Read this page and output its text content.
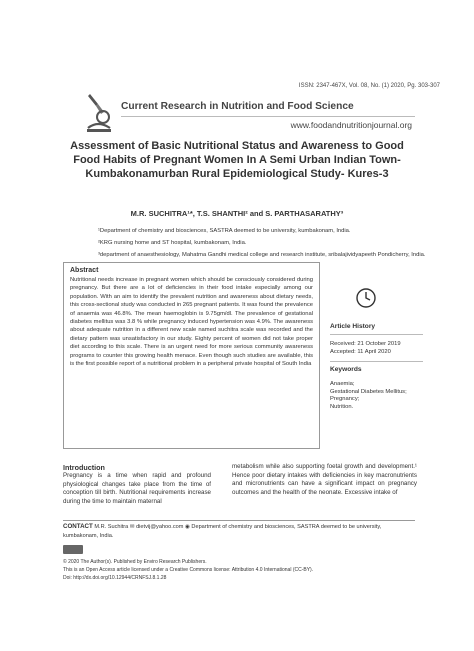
ISSN: 2347-467X, Vol. 08, No. (1) 2020, Pg. 303-307
Current Research in Nutrition and Food Science
www.foodandnutritionjournal.org
Assessment of Basic Nutritional Status and Awareness to Good Food Habits of Pregnant Women In A Semi Urban Indian Town- Kumbakonamurban Rural Epidemiological Study- Kures-3
M.R. SUCHITRA¹*, T.S. SHANTHI² and S. PARTHASARATHY³

¹Department of chemistry and biosciences, SASTRA deemed to be university, kumbakonam, India.

²KRG nursing home and ST hospital, kumbakonam, India.

³department of anaesthesiology, Mahatma Gandhi medical college and research institute, sribalajividyapeeth Pondicherry, India.

Abstract
Nutritional needs increase in pregnant women which should be consciously considered during pregnancy. But there are a lot of deficiencies in their food intake especially among our population. With an aim to identify the prevalent nutrition and awareness about dietary needs, this cross-sectional study was conducted in 265 pregnant patients. It was found the prevalence of anaemia was 46.8%. The mean haemoglobin is 9.75gm/dl. The prevalence of gestational diabetes mellitus was 3.8 % while pregnancy induced hypertension was 4.9%. The awareness about adequate nutrition in a different new scale named suchitra scale was recorded and the dietary pattern was unsatisfactory in our study. Eighty percent of women did not take proper diet according to this scale. There is an urgent need for more serious community awareness programs to counter this growing health menace. Even though such studies are available, this is the first possible report of a nutritional problem in a peripheral private hospital of South India
Article History
Received: 21 October 2019
Accepted: 11 April 2020
Keywords
Anaemia;
Gestational Diabetes Mellitus;
Pregnancy;
Nutrition.
Introduction
Pregnancy is a time when rapid and profound physiological changes take place from the time of conception till birth. Nutritional requirements increase during the time to maintain maternal
metabolism while also supporting foetal growth and development.¹ Hence poor dietary intakes with deficiencies in key macronutrients and micronutrients can have a significant impact on pregnancy outcomes and the health of the neonate. Excessive intake of
CONTACT M.R. Suchitra ✉ dietvij@yahoo.com ◉ Department of chemistry and biosciences, SASTRA deemed to be university, kumbakonam, India.
© 2020 The Author(s). Published by Enviro Research Publishers.
This is an Open Access article licensed under a Creative Commons license: Attribution 4.0 International (CC-BY).
Doi: http://dx.doi.org/10.12944/CRNFSJ.8.1.28
